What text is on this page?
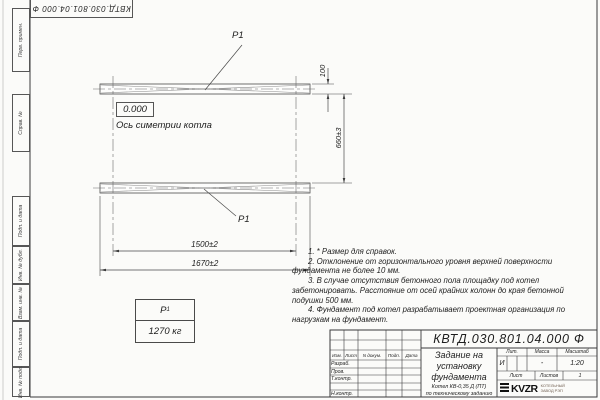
Перв. примен.
Справ. №
Подп. и дата
Инв. № дубл.
Взам. инв. №
Подп. и дата
Инв. № подл.
КВТД.030.801.04.000 Ф
0.000
Ось симетрии котла
P1
P1
100
660±3
1500±2
1670±2
Р 1
1270 кг
1. * Размер для справок.
2. Отклонение от горизонтального уровня верхней поверхности фундамента не более 10 мм.
3. В случае отсутствия бетонного пола площадку под котел забетонировать. Расстояние от осей крайних колонн до края бетонной подушки 500 мм.
4. Фундамент под котел разрабатывает проектная организация по нагрузкам на фундамент.
КВТД.030.801.04.000 Ф
Задание на
установку
фундамента
Котел КВ-0,35 Д (ПТ)
по техническому заданию
Изм. Лист	N докум.	Подп.	Дата
Разраб.
Пров.
Т.контр.
Н.контр.
Лит.	Масса	Масштаб
И	-	1:20
Лист	Листов	1
KVZR КОТЕЛЬНЫЙ
ЗАВОД РЭП
